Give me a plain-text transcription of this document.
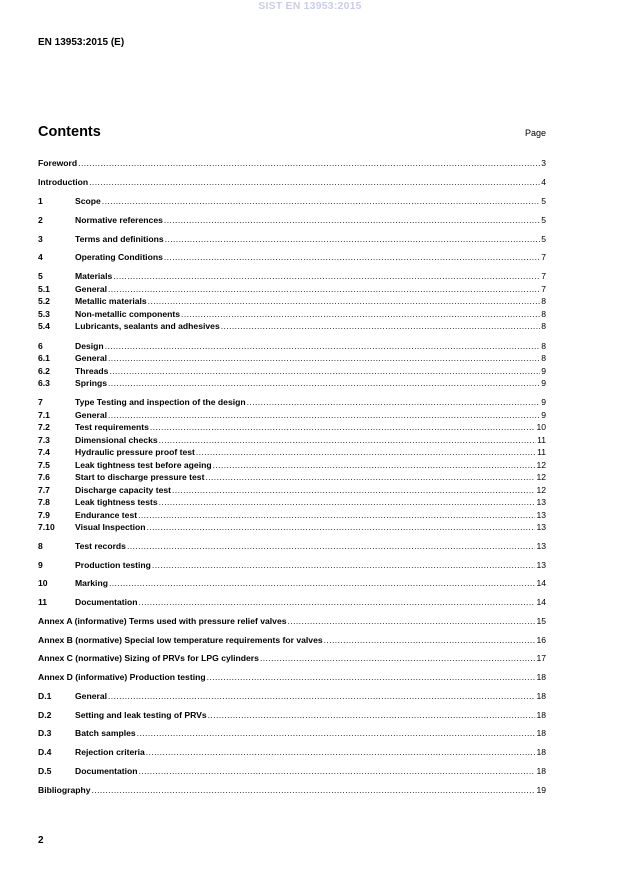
SIST EN 13953:2015
EN 13953:2015 (E)
Contents	Page
Foreword .....	3
Introduction .....	4
1	Scope .....	5
2	Normative references .....	5
3	Terms and definitions .....	5
4	Operating Conditions .....	7
5	Materials .....	7
5.1	General .....	7
5.2	Metallic materials .....	8
5.3	Non-metallic components .....	8
5.4	Lubricants, sealants and adhesives .....	8
6	Design .....	8
6.1	General .....	8
6.2	Threads .....	9
6.3	Springs .....	9
7	Type Testing and inspection of the design .....	9
7.1	General .....	9
7.2	Test requirements .....	10
7.3	Dimensional checks .....	11
7.4	Hydraulic pressure proof test .....	11
7.5	Leak tightness test before ageing .....	12
7.6	Start to discharge pressure test .....	12
7.7	Discharge capacity test .....	12
7.8	Leak tightness tests .....	13
7.9	Endurance test .....	13
7.10	Visual Inspection .....	13
8	Test records .....	13
9	Production testing .....	13
10	Marking .....	14
11	Documentation .....	14
Annex A (informative) Terms used with pressure relief valves .....	15
Annex B (normative) Special low temperature requirements for valves .....	16
Annex C (normative) Sizing of PRVs for LPG cylinders .....	17
Annex D (informative) Production testing .....	18
D.1	General .....	18
D.2	Setting and leak testing of PRVs .....	18
D.3	Batch samples .....	18
D.4	Rejection criteria .....	18
D.5	Documentation .....	18
Bibliography .....	19
2
